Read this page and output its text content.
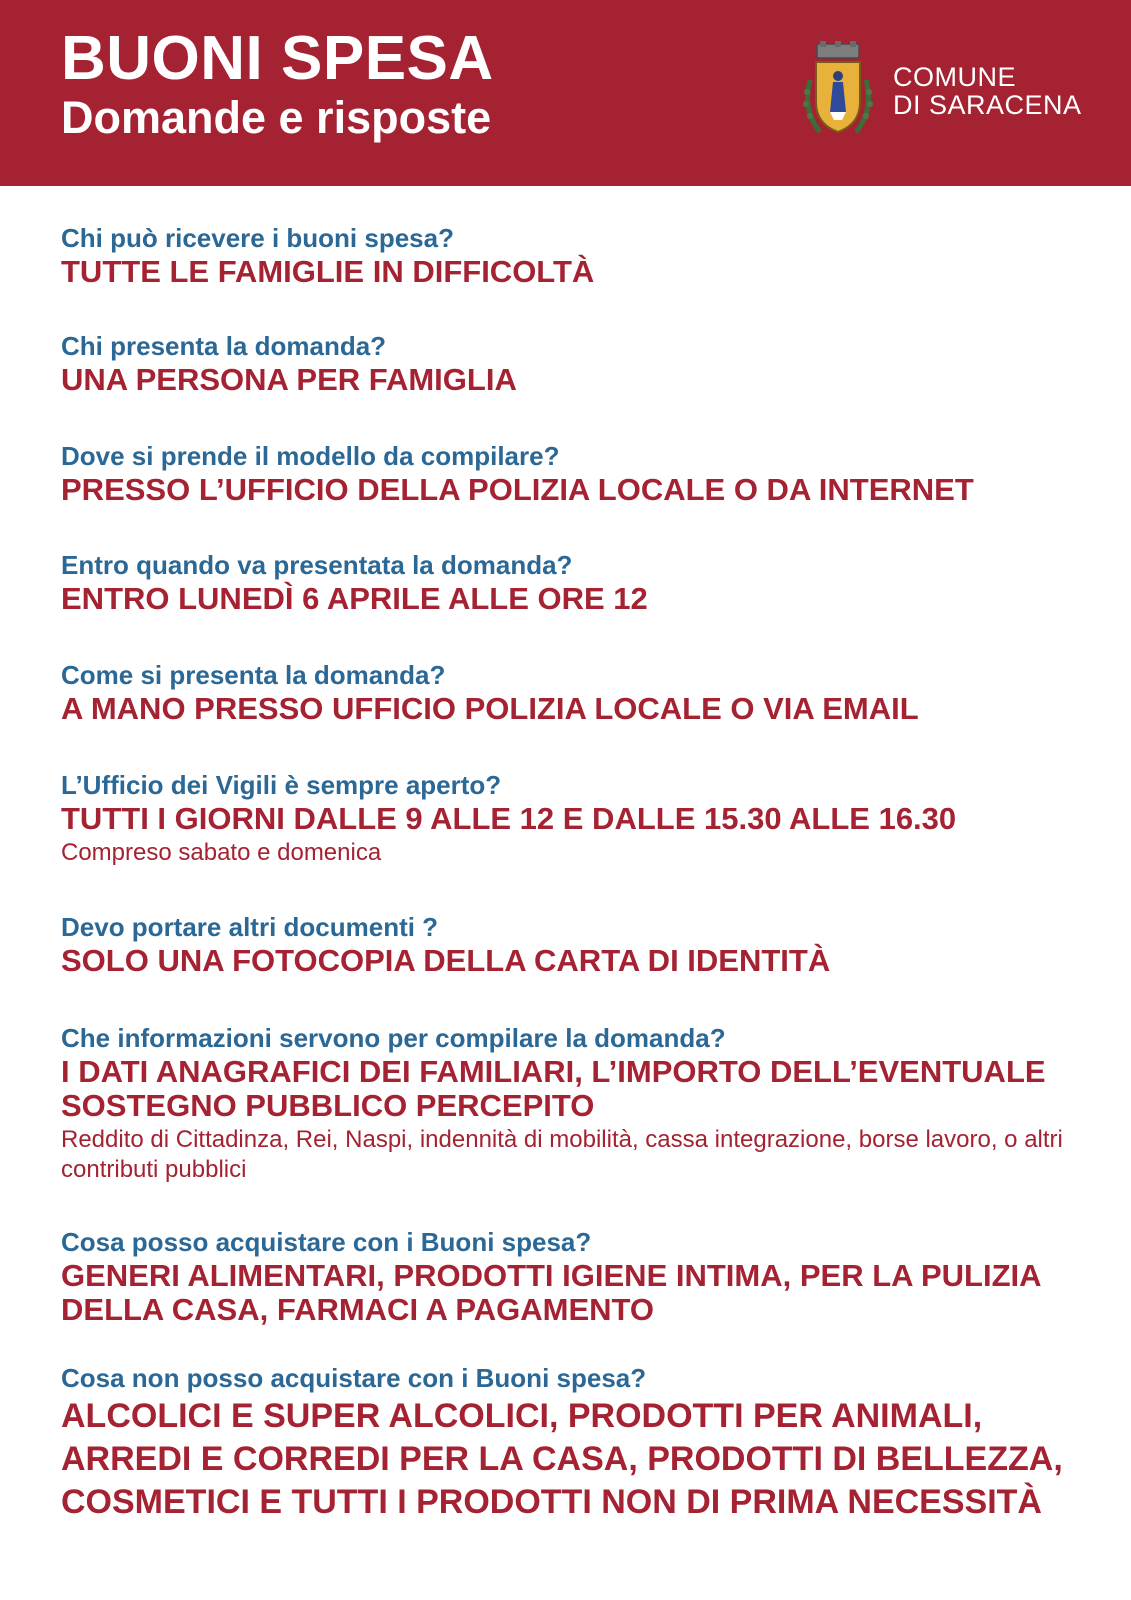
BUONI SPESA
Domande e risposte
COMUNE
DI SARACENA
Chi può ricevere i buoni spesa?
TUTTE LE FAMIGLIE IN DIFFICOLTÀ
Chi presenta la domanda?
UNA PERSONA PER FAMIGLIA
Dove si prende il modello da compilare?
PRESSO L’UFFICIO DELLA POLIZIA LOCALE O DA INTERNET
Entro quando va presentata la domanda?
ENTRO LUNEDÌ 6 APRILE ALLE ORE 12
Come si presenta la domanda?
A MANO PRESSO UFFICIO POLIZIA LOCALE O VIA EMAIL
L’Ufficio dei Vigili è sempre aperto?
TUTTI I GIORNI DALLE 9 ALLE 12 E DALLE 15.30 ALLE 16.30
Compreso sabato e domenica
Devo portare altri documenti ?
SOLO UNA FOTOCOPIA DELLA CARTA DI IDENTITÀ
Che informazioni servono per compilare la domanda?
I DATI ANAGRAFICI DEI FAMILIARI, L’IMPORTO DELL’EVENTUALE SOSTEGNO PUBBLICO PERCEPITO
Reddito di Cittadinza, Rei, Naspi, indennità di mobilità, cassa integrazione, borse lavoro, o altri contributi pubblici
Cosa posso acquistare con i Buoni spesa?
GENERI ALIMENTARI, PRODOTTI IGIENE INTIMA, PER LA PULIZIA DELLA CASA, FARMACI A PAGAMENTO
Cosa non posso acquistare con i Buoni spesa?
ALCOLICI E SUPER ALCOLICI, PRODOTTI PER ANIMALI, ARREDI E CORREDI PER LA CASA, PRODOTTI DI BELLEZZA, COSMETICI E TUTTI I PRODOTTI NON DI PRIMA NECESSITÀ
